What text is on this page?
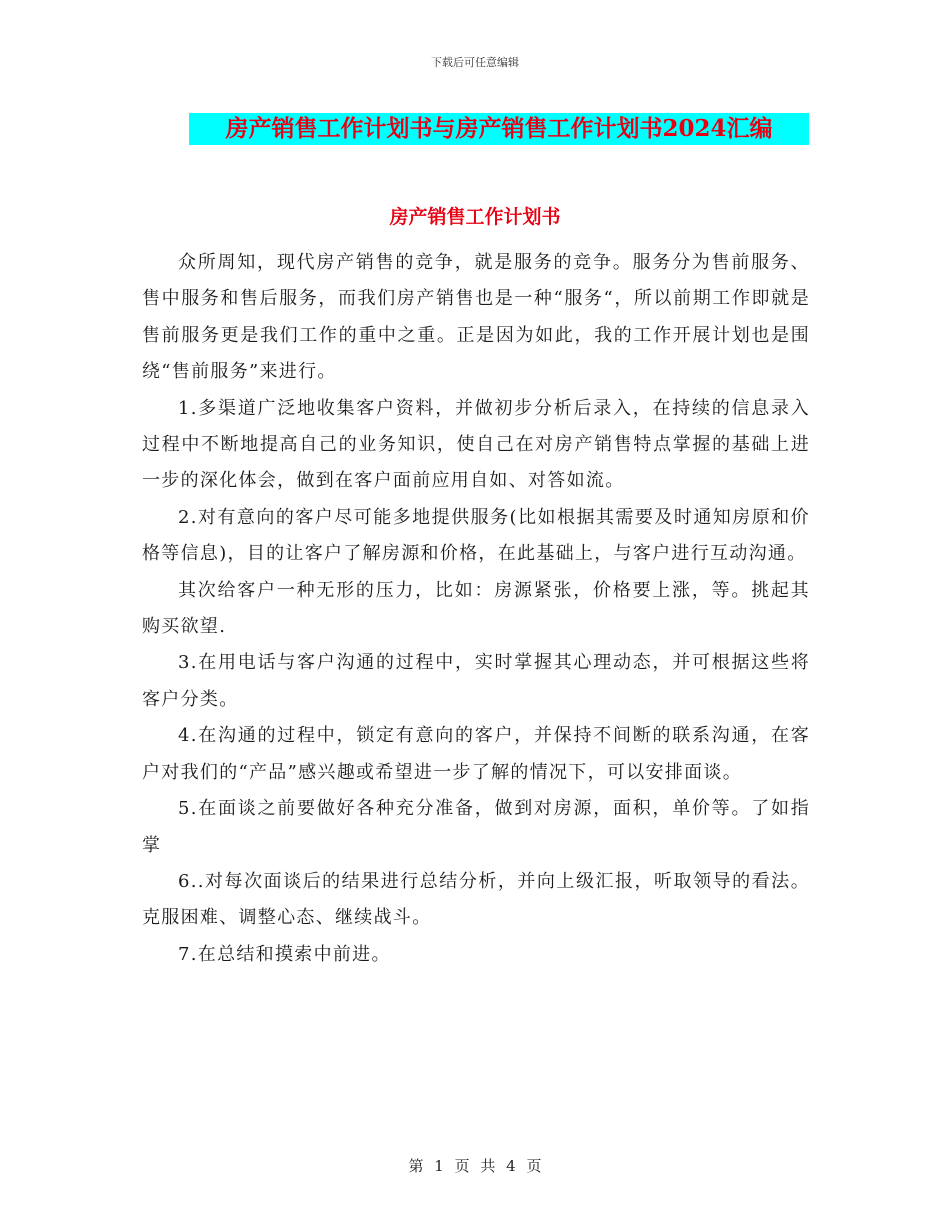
下载后可任意编辑
房产销售工作计划书与房产销售工作计划书2024汇编
房产销售工作计划书

众所周知，现代房产销售的竞争，就是服务的竞争。服务分为售前服务、售中服务和售后服务，而我们房产销售也是一种“服务“，所以前期工作即就是售前服务更是我们工作的重中之重。正是因为如此，我的工作开展计划也是围绕“售前服务”来进行。

1.多渠道广泛地收集客户资料，并做初步分析后录入，在持续的信息录入过程中不断地提高自己的业务知识，使自己在对房产销售特点掌握的基础上进一步的深化体会，做到在客户面前应用自如、对答如流。

2.对有意向的客户尽可能多地提供服务(比如根据其需要及时通知房原和价格等信息)，目的让客户了解房源和价格，在此基础上，与客户进行互动沟通。

其次给客户一种无形的压力，比如：房源紧张，价格要上涨，等。挑起其购买欲望.

3.在用电话与客户沟通的过程中，实时掌握其心理动态，并可根据这些将客户分类。

4.在沟通的过程中，锁定有意向的客户，并保持不间断的联系沟通，在客户对我们的“产品”感兴趣或希望进一步了解的情况下，可以安排面谈。

5.在面谈之前要做好各种充分准备，做到对房源，面积，单价等。了如指掌

6..对每次面谈后的结果进行总结分析，并向上级汇报，听取领导的看法。克服困难、调整心态、继续战斗。

7.在总结和摸索中前进。

第 1 页 共 4 页
